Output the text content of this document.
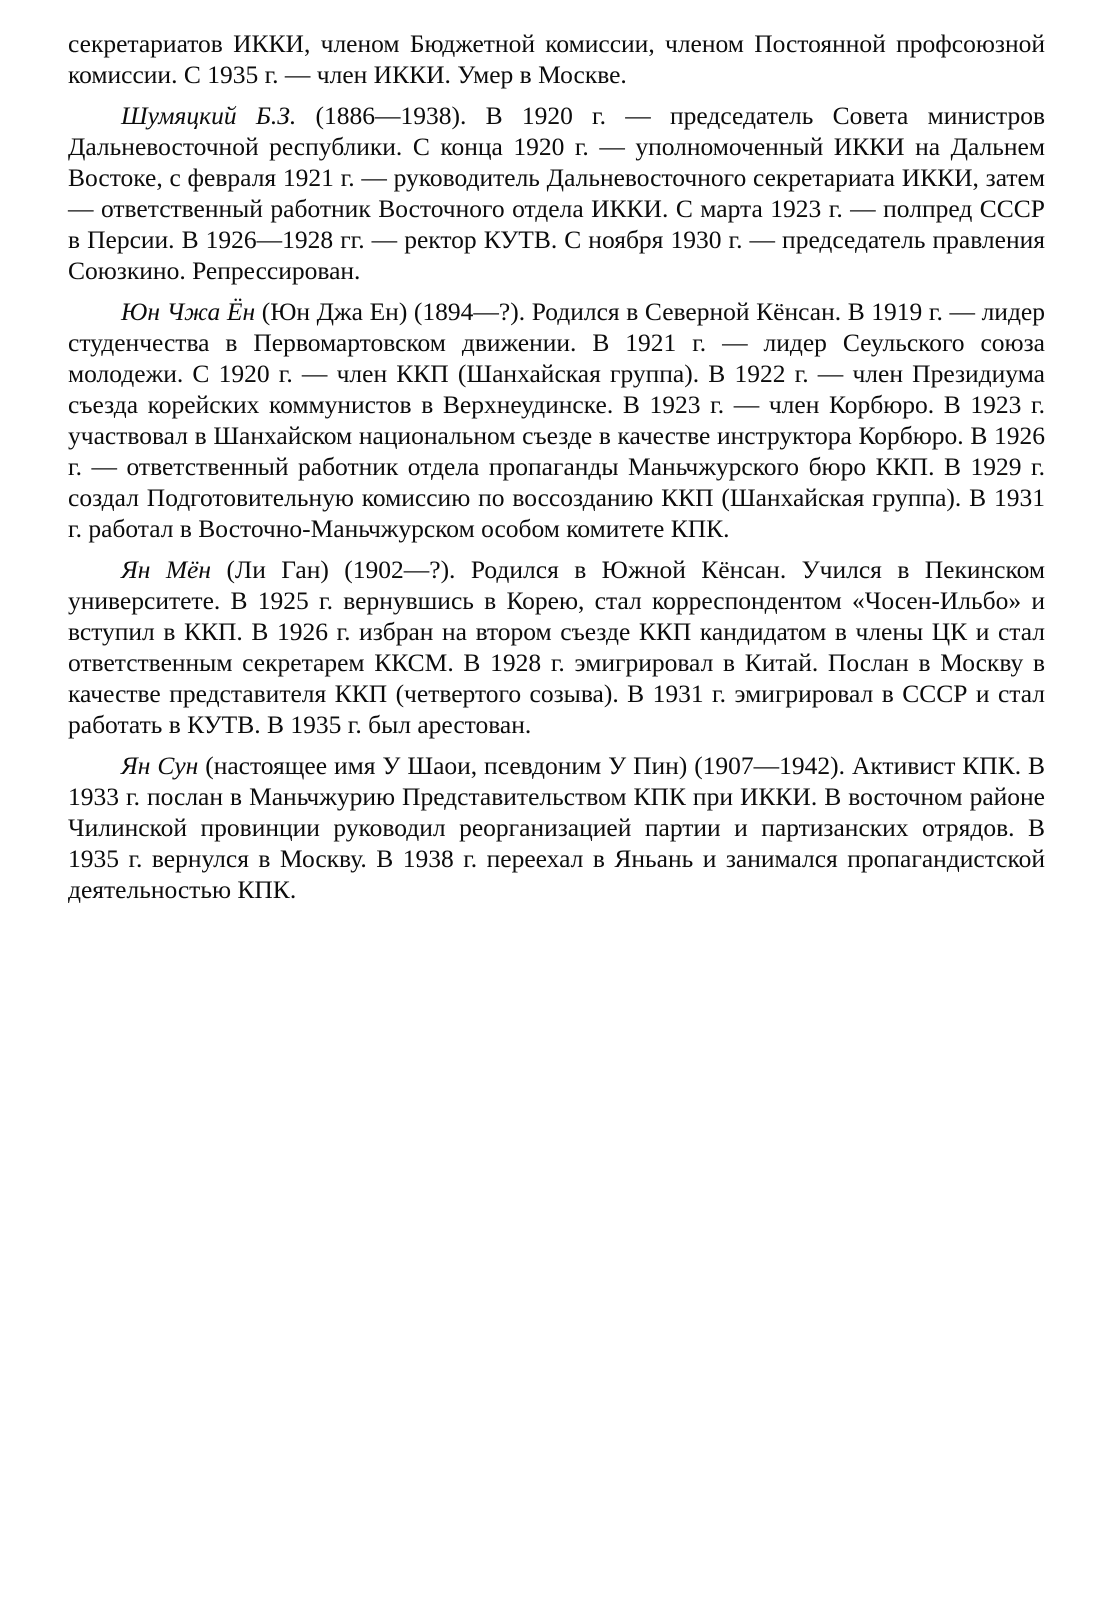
секретариатов ИККИ, членом Бюджетной комиссии, членом Постоянной профсоюзной комиссии. С 1935 г. — член ИККИ. Умер в Москве.

Шумяцкий Б.З. (1886—1938). В 1920 г. — председатель Совета министров Дальневосточной республики. С конца 1920 г. — уполномоченный ИККИ на Дальнем Востоке, с февраля 1921 г. — руководитель Дальневосточного секретариата ИККИ, затем — ответственный работник Восточного отдела ИККИ. С марта 1923 г. — полпред СССР в Персии. В 1926—1928 гг. — ректор КУТВ. С ноября 1930 г. — председатель правления Союзкино. Репрессирован.

Юн Чжа Ён (Юн Джа Ен) (1894—?). Родился в Северной Кёнсан. В 1919 г. — лидер студенчества в Первомартовском движении. В 1921 г. — лидер Сеульского союза молодежи. С 1920 г. — член ККП (Шанхайская группа). В 1922 г. — член Президиума съезда корейских коммунистов в Верхнеудинске. В 1923 г. — член Корбюро. В 1923 г. участвовал в Шанхайском национальном съезде в качестве инструктора Корбюро. В 1926 г. — ответственный работник отдела пропаганды Маньчжурского бюро ККП. В 1929 г. создал Подготовительную комиссию по воссозданию ККП (Шанхайская группа). В 1931 г. работал в Восточно-Маньчжурском особом комитете КПК.

Ян Мён (Ли Ган) (1902—?). Родился в Южной Кёнсан. Учился в Пекинском университете. В 1925 г. вернувшись в Корею, стал корреспондентом «Чосен-Ильбо» и вступил в ККП. В 1926 г. избран на втором съезде ККП кандидатом в члены ЦК и стал ответственным секретарем ККСМ. В 1928 г. эмигрировал в Китай. Послан в Москву в качестве представителя ККП (четвертого созыва). В 1931 г. эмигрировал в СССР и стал работать в КУТВ. В 1935 г. был арестован.

Ян Сун (настоящее имя У Шаои, псевдоним У Пин) (1907—1942). Активист КПК. В 1933 г. послан в Маньчжурию Представительством КПК при ИККИ. В восточном районе Чилинской провинции руководил реорганизацией партии и партизанских отрядов. В 1935 г. вернулся в Москву. В 1938 г. переехал в Яньань и занимался пропагандистской деятельностью КПК.
